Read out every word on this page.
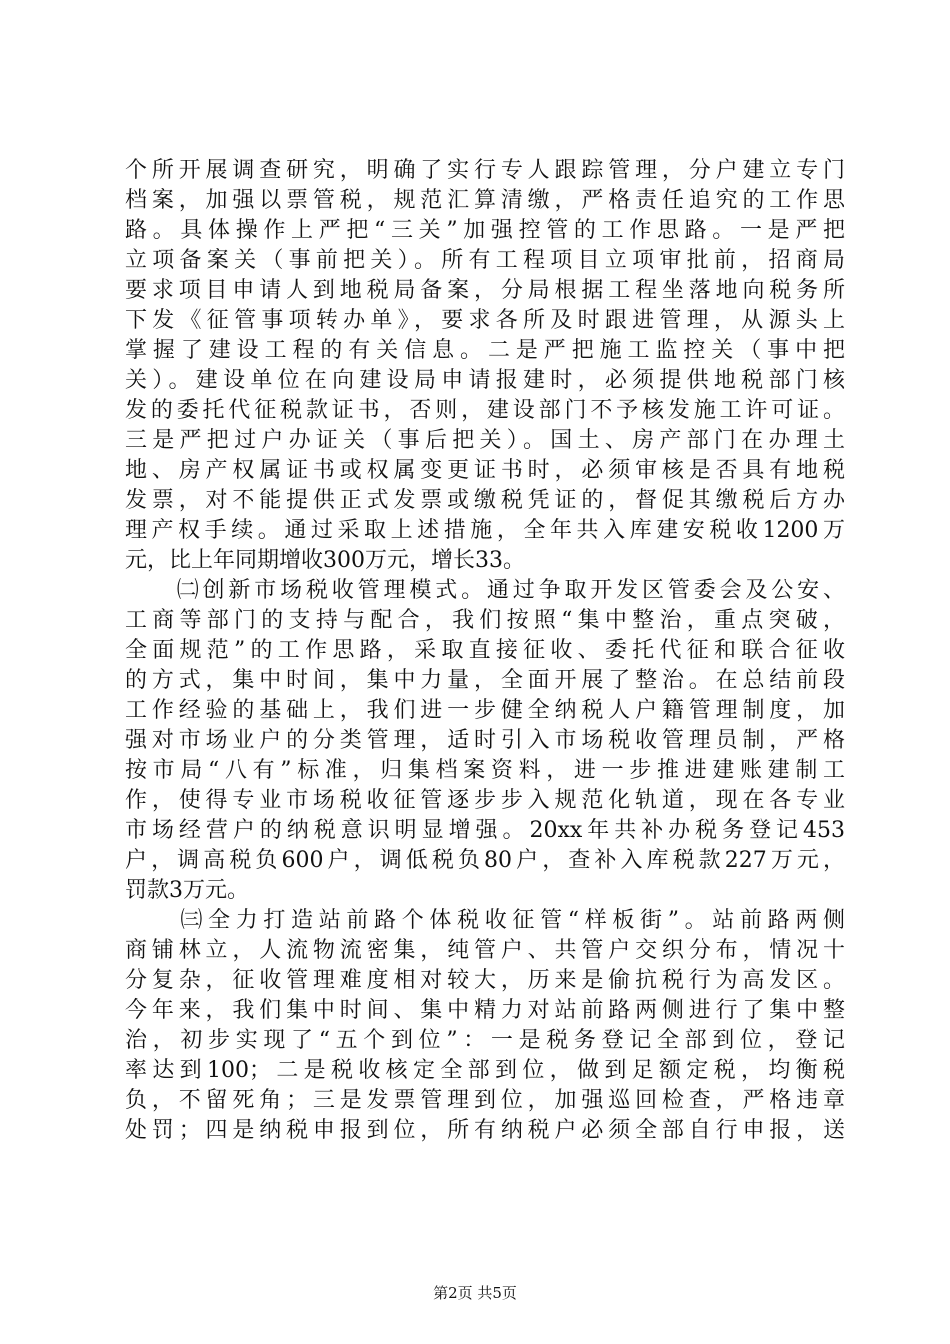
个所开展调查研究，明确了实行专人跟踪管理，分户建立专门
档案，加强以票管税，规范汇算清缴，严格责任追究的工作思
路。具体操作上严把“三关”加强控管的工作思路。一是严把
立项备案关（事前把关）。所有工程项目立项审批前，招商局
要求项目申请人到地税局备案，分局根据工程坐落地向税务所
下发《征管事项转办单》，要求各所及时跟进管理，从源头上
掌握了建设工程的有关信息。二是严把施工监控关（事中把
关）。建设单位在向建设局申请报建时，必须提供地税部门核
发的委托代征税款证书，否则，建设部门不予核发施工许可证。
三是严把过户办证关（事后把关）。国土、房产部门在办理土
地、房产权属证书或权属变更证书时，必须审核是否具有地税
发票，对不能提供正式发票或缴税凭证的，督促其缴税后方办
理产权手续。通过采取上述措施，全年共入库建安税收1200万
元，比上年同期增收300万元，增长33。
　　㈡创新市场税收管理模式。通过争取开发区管委会及公安、
工商等部门的支持与配合，我们按照“集中整治，重点突破，
全面规范”的工作思路，采取直接征收、委托代征和联合征收
的方式，集中时间，集中力量，全面开展了整治。在总结前段
工作经验的基础上，我们进一步健全纳税人户籍管理制度，加
强对市场业户的分类管理，适时引入市场税收管理员制，严格
按市局“八有”标准，归集档案资料，进一步推进建账建制工
作，使得专业市场税收征管逐步步入规范化轨道，现在各专业
市场经营户的纳税意识明显增强。20xx年共补办税务登记453
户，调高税负600户，调低税负80户，查补入库税款227万元，
罚款3万元。
　　㈢全力打造站前路个体税收征管“样板街”。站前路两侧
商铺林立，人流物流密集，纯管户、共管户交织分布，情况十
分复杂，征收管理难度相对较大，历来是偷抗税行为高发区。
今年来，我们集中时间、集中精力对站前路两侧进行了集中整
治，初步实现了“五个到位”：一是税务登记全部到位，登记
率达到100；二是税收核定全部到位，做到足额定税，均衡税
负，不留死角；三是发票管理到位，加强巡回检查，严格违章
处罚；四是纳税申报到位，所有纳税户必须全部自行申报，送
第2页 共5页
